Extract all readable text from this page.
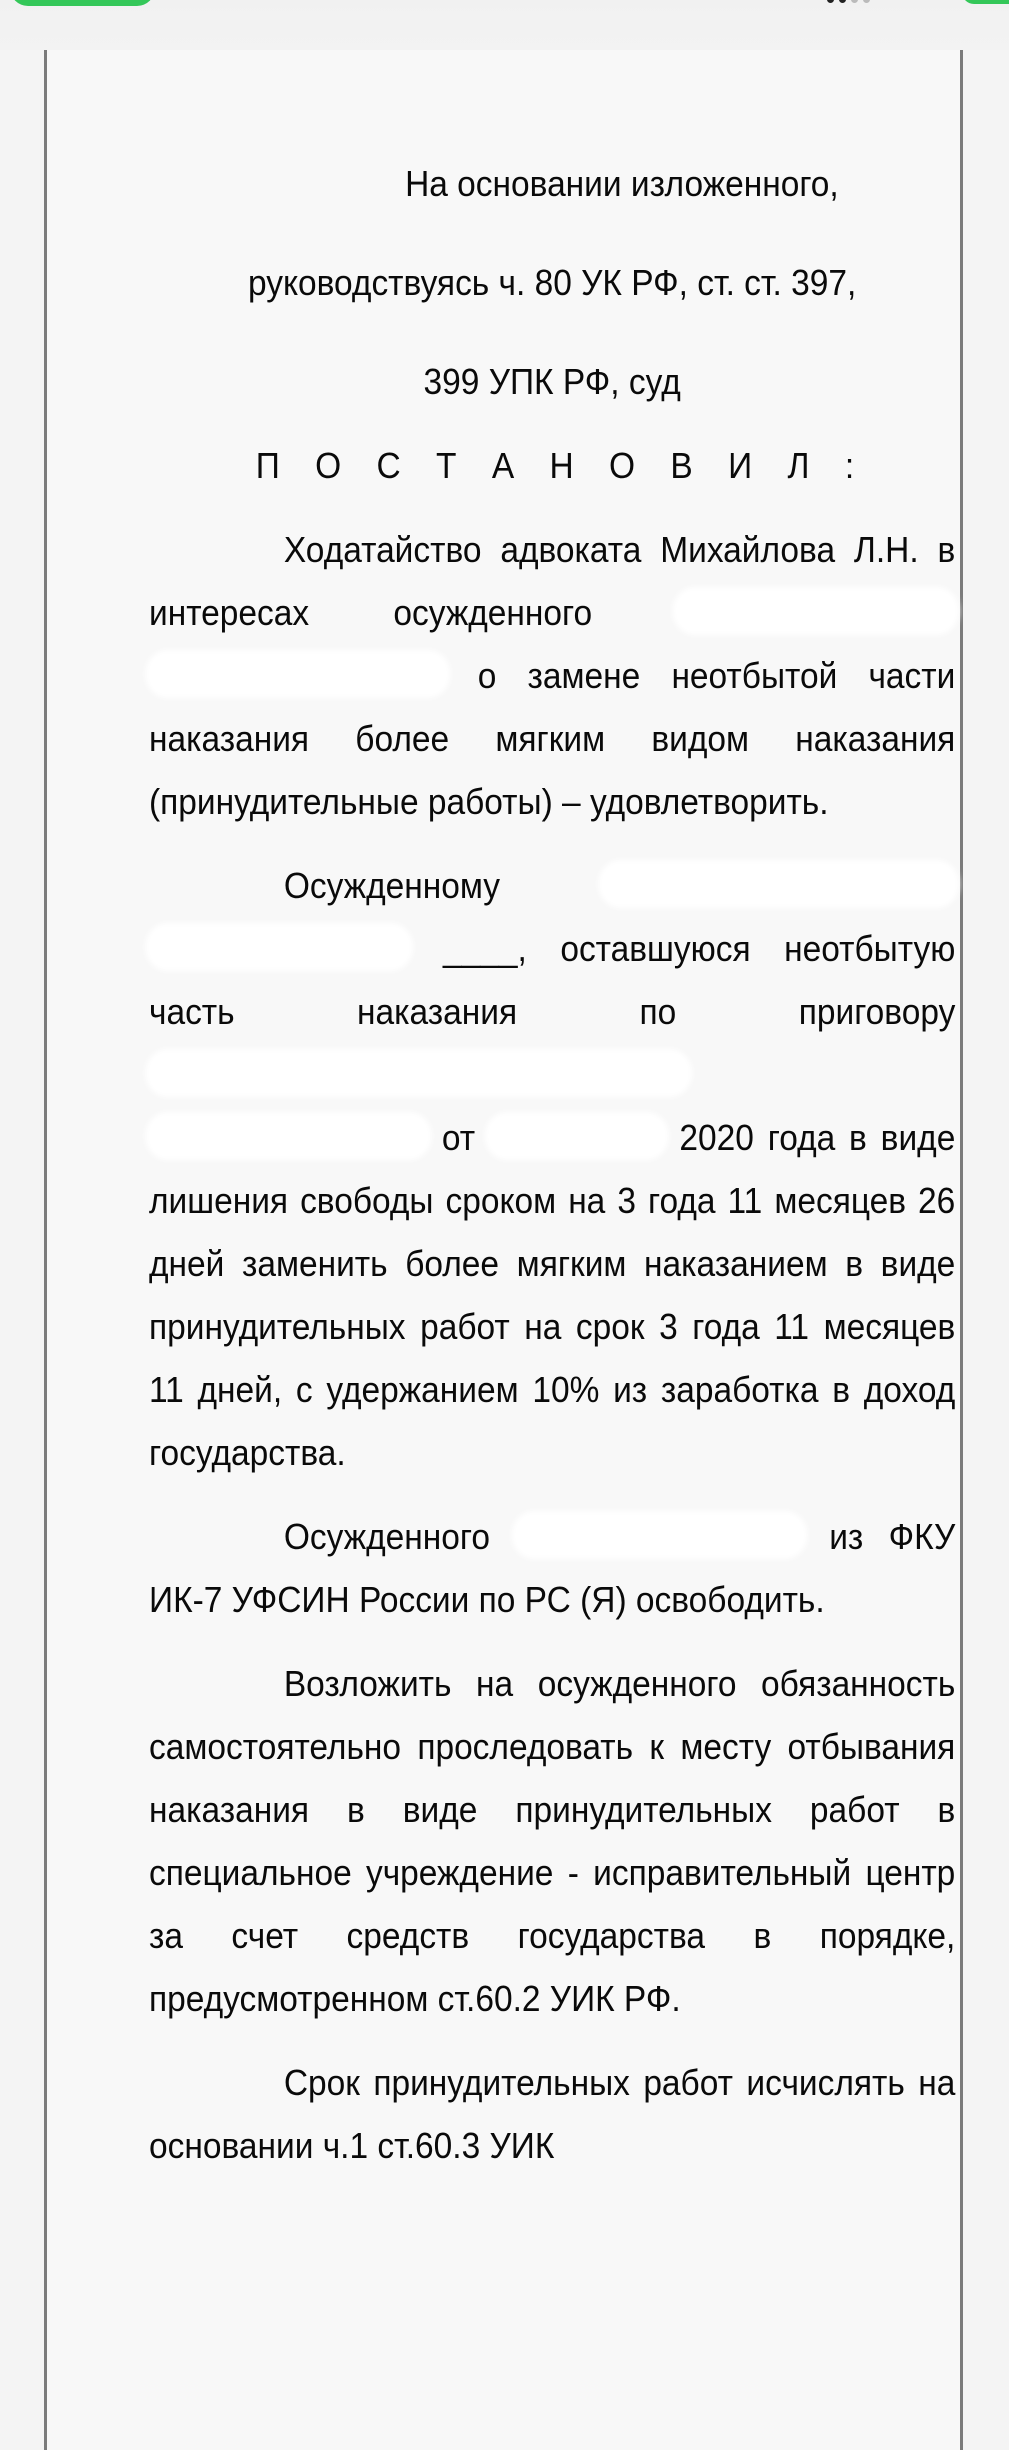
На основании изложенного,

руководствуясь ч. 80 УК РФ, ст. ст. 397,

399 УПК РФ, суд

П О С Т А Н О В И Л :

Ходатайство адвоката Михайлова Л.Н. в интересах осужденного   о замене неотбытой части наказания более мягким видом наказания (принудительные работы) – удовлетворить.

Осужденному   ____, оставшуюся неотбытую часть наказания по приговору   от	2020 года в виде лишения свободы сроком на 3 года 11 месяцев 26 дней заменить более мягким наказанием в виде принудительных работ на срок 3 года 11 месяцев 11 дней, с удержанием 10% из заработка в доход государства.

Осужденного	из ФКУ ИК-7 УФСИН России по РС (Я) освободить.

Возложить на осужденного обязанность самостоятельно проследовать к месту отбывания наказания в виде принудительных работ в специальное учреждение - исправительный центр за счет средств государства в порядке, предусмотренном ст.60.2 УИК РФ.

Срок принудительных работ исчислять на основании ч.1 ст.60.3 УИК
